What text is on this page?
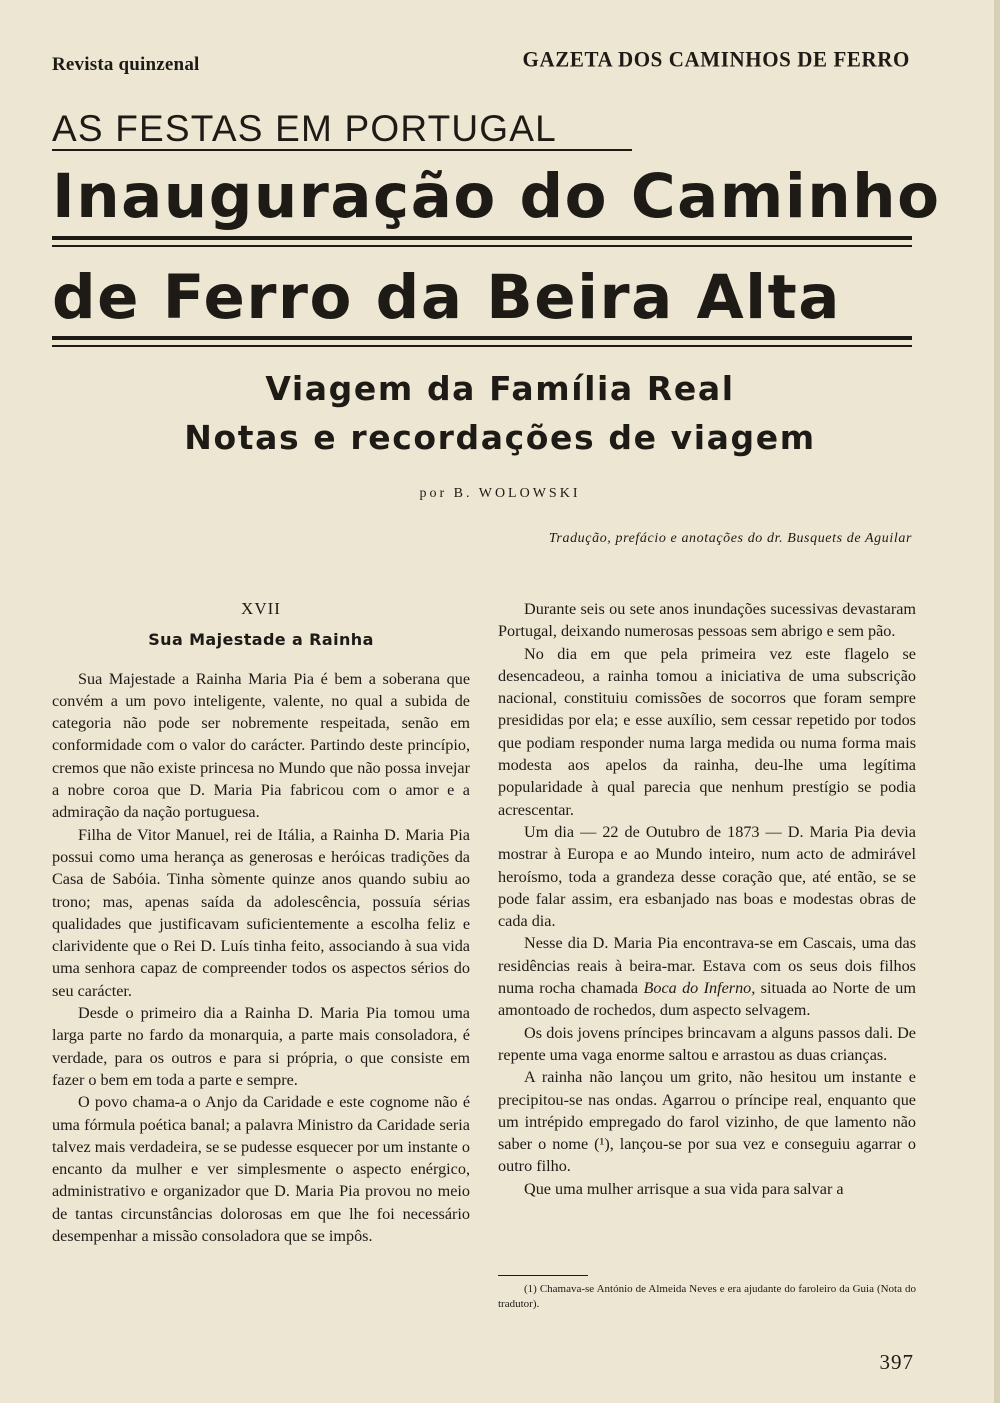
Revista quinzenal	GAZETA DOS CAMINHOS DE FERRO
AS FESTAS EM PORTUGAL
Inauguração do Caminho
de Ferro da Beira Alta
Viagem da Família Real
Notas e recordações de viagem
por B. WOLOWSKI
Tradução, prefácio e anotações do dr. Busquets de Aguilar
XVII
Sua Majestade a Rainha

Sua Majestade a Rainha Maria Pia é bem a soberana que convém a um povo inteligente, valente, no qual a subida de categoria não pode ser nobremente respeitada, senão em conformidade com o valor do carácter. Partindo deste princípio, cremos que não existe princesa no Mundo que não possa invejar a nobre coroa que D. Maria Pia fabricou com o amor e a admiração da nação portuguesa.

Filha de Vitor Manuel, rei de Itália, a Rainha D. Maria Pia possui como uma herança as generosas e heróicas tradições da Casa de Sabóia. Tinha sòmente quinze anos quando subiu ao trono; mas, apenas saída da adolescência, possuía sérias qualidades que justificavam suficientemente a escolha feliz e clarividente que o Rei D. Luís tinha feito, associando à sua vida uma senhora capaz de compreender todos os aspectos sérios do seu carácter.

Desde o primeiro dia a Rainha D. Maria Pia tomou uma larga parte no fardo da monarquia, a parte mais consoladora, é verdade, para os outros e para si própria, o que consiste em fazer o bem em toda a parte e sempre.

O povo chama-a o Anjo da Caridade e este cognome não é uma fórmula poética banal; a palavra Ministro da Caridade seria talvez mais verdadeira, se se pudesse esquecer por um instante o encanto da mulher e ver simplesmente o aspecto enérgico, administrativo e organizador que D. Maria Pia provou no meio de tantas circunstâncias dolorosas em que lhe foi necessário desempenhar a missão consoladora que se impôs.

Durante seis ou sete anos inundações sucessivas devastaram Portugal, deixando numerosas pessoas sem abrigo e sem pão.

No dia em que pela primeira vez este flagelo se desencadeou, a rainha tomou a iniciativa de uma subscrição nacional, constituiu comissões de socorros que foram sempre presididas por ela; e esse auxílio, sem cessar repetido por todos que podiam responder numa larga medida ou numa forma mais modesta aos apelos da rainha, deu-lhe uma legítima popularidade à qual parecia que nenhum prestígio se podia acrescentar.

Um dia — 22 de Outubro de 1873 — D. Maria Pia devia mostrar à Europa e ao Mundo inteiro, num acto de admirável heroísmo, toda a grandeza desse coração que, até então, se se pode falar assim, era esbanjado nas boas e modestas obras de cada dia.

Nesse dia D. Maria Pia encontrava-se em Cascais, uma das residências reais à beira-mar. Estava com os seus dois filhos numa rocha chamada Boca do Inferno, situada ao Norte de um amontoado de rochedos, dum aspecto selvagem.

Os dois jovens príncipes brincavam a alguns passos dali. De repente uma vaga enorme saltou e arrastou as duas crianças.

A rainha não lançou um grito, não hesitou um instante e precipitou-se nas ondas. Agarrou o príncipe real, enquanto que um intrépido empregado do farol vizinho, de que lamento não saber o nome (¹), lançou-se por sua vez e conseguiu agarrar o outro filho.

Que uma mulher arrisque a sua vida para salvar a

(1) Chamava-se António de Almeida Neves e era ajudante do faroleiro da Guia (Nota do tradutor).
397
